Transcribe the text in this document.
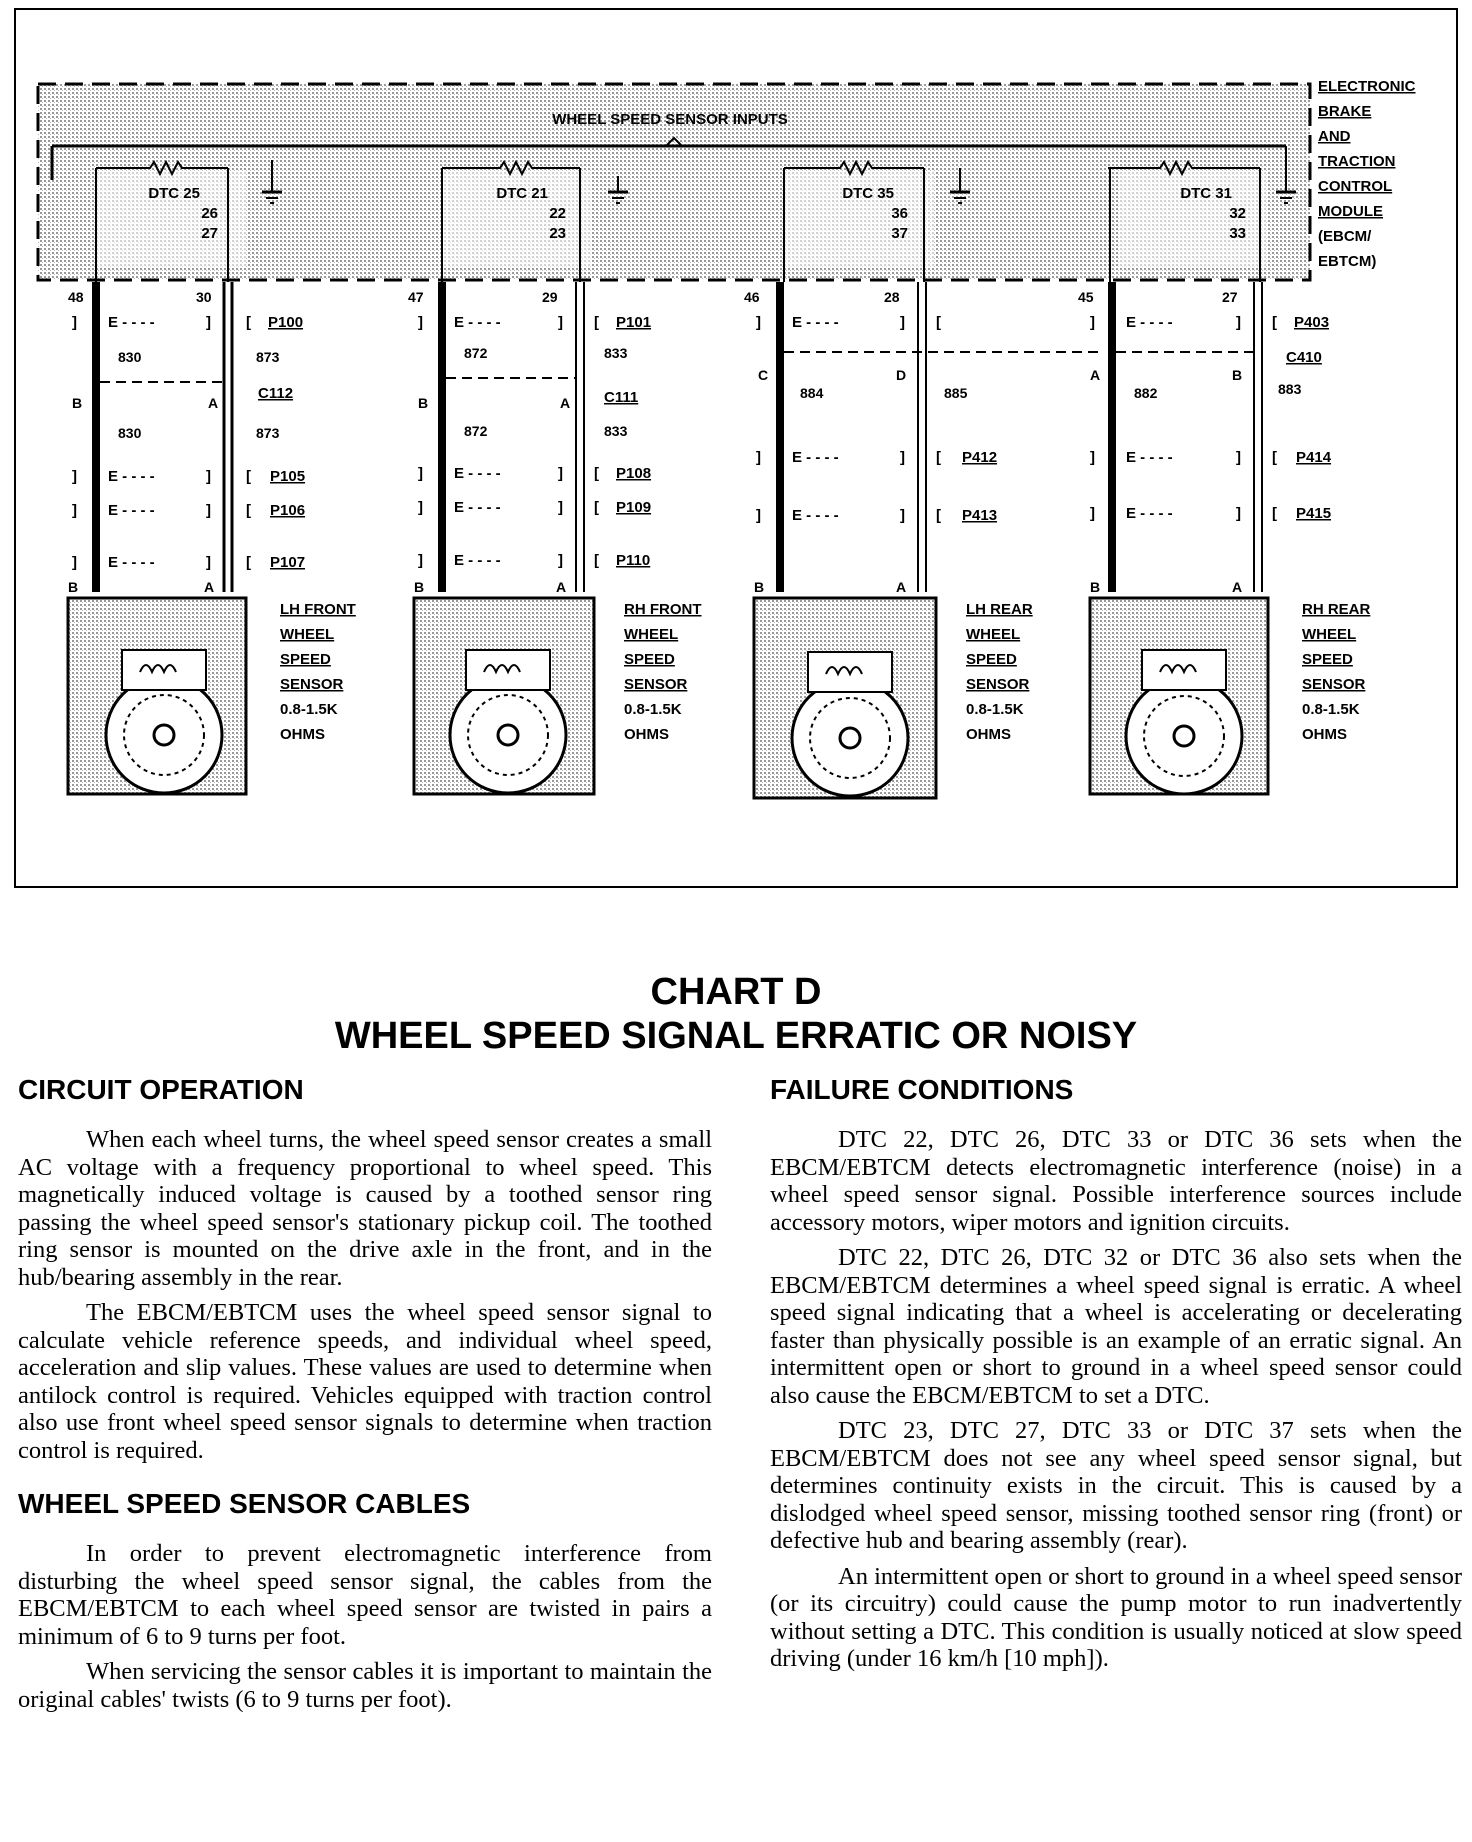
WHEEL SPEED SENSOR INPUTS
ELECTRONIC
BRAKE
AND
TRACTION
CONTROL
MODULE
(EBCM/
EBTCM)
DTC 25
26
27
48	30
] E - - - -	] [ P100
830	873
B	A
C112
830	873
] E - - - -	] [ P105
] E - - - -	] [ P106
] E - - - -	] [ P107
B	A
LH FRONT
WHEEL
SPEED
SENSOR
0.8-1.5K
OHMS
DTC 21
22
23
47	29
] E - - - -	] [ P101
872	833
B	A C111
872	833
] E - - - -	] [ P108
] E - - - -	] [ P109
] E - - - -	] [ P110
B	A
RH FRONT
WHEEL
SPEED
SENSOR
0.8-1.5K
OHMS
DTC 35
36
37
46	28
] E - - - -	] [
C	D
884	885
] E - - - -	] [ P412
] E - - - -	] [ P413
B	A
LH REAR
WHEEL
SPEED
SENSOR
0.8-1.5K
OHMS
DTC 31
32
33
45	27
] E - - - -	] [ P403
C410
A	B
882	883
] E - - - -	] [ P414
] E - - - -	] [ P415
B	A
RH REAR
WHEEL
SPEED
SENSOR
0.8-1.5K
OHMS
CHART D
WHEEL SPEED SIGNAL ERRATIC OR NOISY
CIRCUIT OPERATION

When each wheel turns, the wheel speed sensor creates a small AC voltage with a frequency proportional to wheel speed. This magnetically induced voltage is caused by a toothed sensor ring passing the wheel speed sensor's stationary pickup coil. The toothed ring sensor is mounted on the drive axle in the front, and in the hub/bearing assembly in the rear.

The EBCM/EBTCM uses the wheel speed sensor signal to calculate vehicle reference speeds, and individual wheel speed, acceleration and slip values. These values are used to determine when antilock control is required. Vehicles equipped with traction control also use front wheel speed sensor signals to determine when traction control is required.

WHEEL SPEED SENSOR CABLES

In order to prevent electromagnetic interference from disturbing the wheel speed sensor signal, the cables from the EBCM/EBTCM to each wheel speed sensor are twisted in pairs a minimum of 6 to 9 turns per foot.

When servicing the sensor cables it is important to maintain the original cables' twists (6 to 9 turns per foot).

FAILURE CONDITIONS

DTC 22, DTC 26, DTC 33 or DTC 36 sets when the EBCM/EBTCM detects electromagnetic interference (noise) in a wheel speed sensor signal. Possible interference sources include accessory motors, wiper motors and ignition circuits.

DTC 22, DTC 26, DTC 32 or DTC 36 also sets when the EBCM/EBTCM determines a wheel speed signal is erratic. A wheel speed signal indicating that a wheel is accelerating or decelerating faster than physically possible is an example of an erratic signal. An intermittent open or short to ground in a wheel speed sensor could also cause the EBCM/EBTCM to set a DTC.

DTC 23, DTC 27, DTC 33 or DTC 37 sets when the EBCM/EBTCM does not see any wheel speed sensor signal, but determines continuity exists in the circuit. This is caused by a dislodged wheel speed sensor, missing toothed sensor ring (front) or defective hub and bearing assembly (rear).

An intermittent open or short to ground in a wheel speed sensor (or its circuitry) could cause the pump motor to run inadvertently without setting a DTC. This condition is usually noticed at slow speed driving (under 16 km/h [10 mph]).
